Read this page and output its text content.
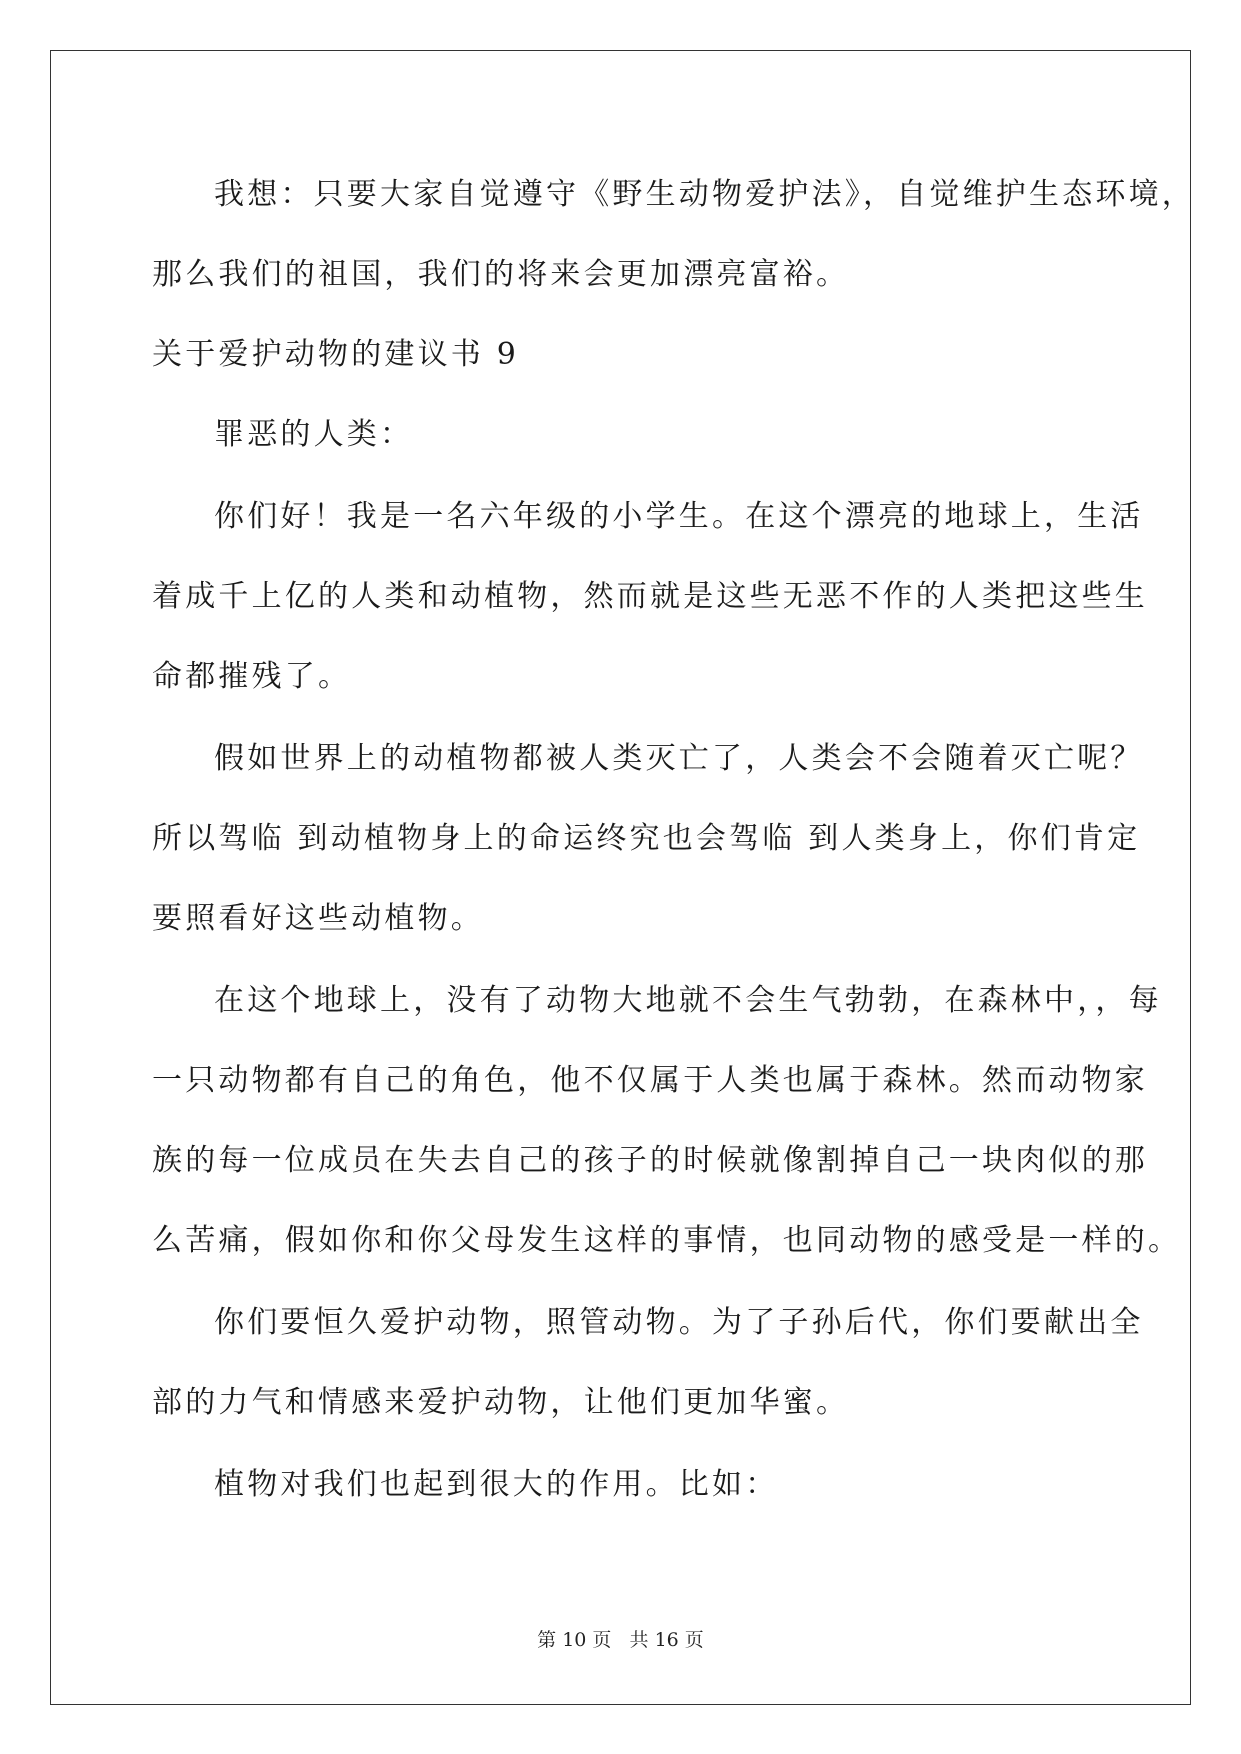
我想：只要大家自觉遵守《野生动物爱护法》，自觉维护生态环境，
那么我们的祖国，我们的将来会更加漂亮富裕。
关于爱护动物的建议书 9
罪恶的人类：
你们好！我是一名六年级的小学生。在这个漂亮的地球上，生活
着成千上亿的人类和动植物，然而就是这些无恶不作的人类把这些生
命都摧残了。
假如世界上的动植物都被人类灭亡了，人类会不会随着灭亡呢？
所以驾临 到动植物身上的命运终究也会驾临 到人类身上，你们肯定
要照看好这些动植物。
在这个地球上，没有了动物大地就不会生气勃勃，在森林中，，每
一只动物都有自己的角色，他不仅属于人类也属于森林。然而动物家
族的每一位成员在失去自己的孩子的时候就像割掉自己一块肉似的那
么苦痛，假如你和你父母发生这样的事情，也同动物的感受是一样的。
你们要恒久爱护动物，照管动物。为了子孙后代，你们要献出全
部的力气和情感来爱护动物，让他们更加华蜜。
植物对我们也起到很大的作用。比如：
第 10 页   共 16 页
